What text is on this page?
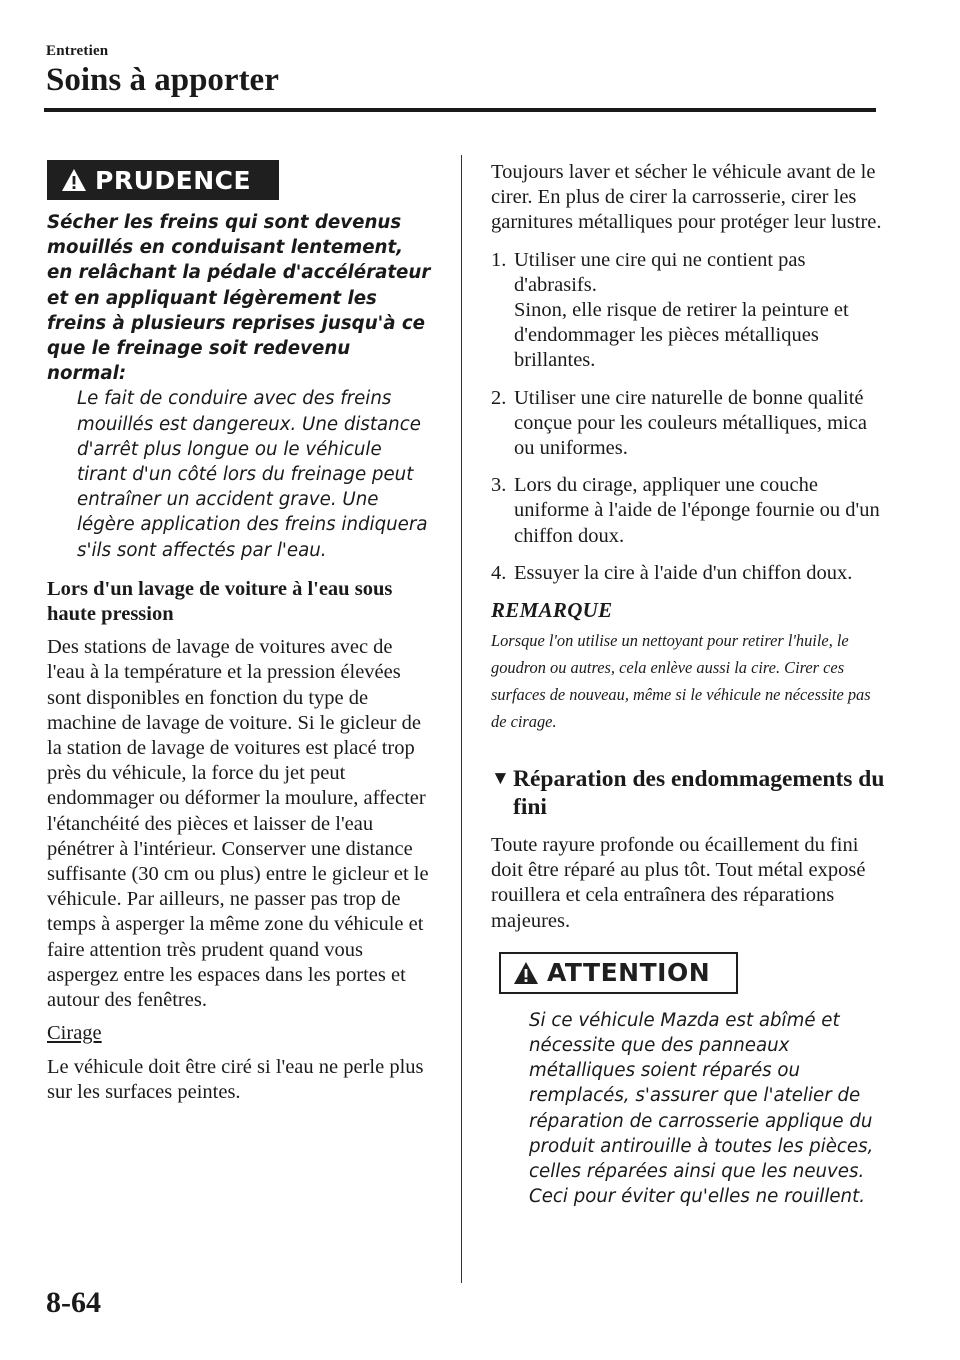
Entretien
Soins à apporter
PRUDENCE

Sécher les freins qui sont devenus mouillés en conduisant lentement, en relâchant la pédale d'accélérateur et en appliquant légèrement les freins à plusieurs reprises jusqu'à ce que le freinage soit redevenu normal:

Le fait de conduire avec des freins mouillés est dangereux. Une distance d'arrêt plus longue ou le véhicule tirant d'un côté lors du freinage peut entraîner un accident grave. Une légère application des freins indiquera s'ils sont affectés par l'eau.

Lors d'un lavage de voiture à l'eau sous haute pression

Des stations de lavage de voitures avec de l'eau à la température et la pression élevées sont disponibles en fonction du type de machine de lavage de voiture. Si le gicleur de la station de lavage de voitures est placé trop près du véhicule, la force du jet peut endommager ou déformer la moulure, affecter l'étanchéité des pièces et laisser de l'eau pénétrer à l'intérieur. Conserver une distance suffisante (30 cm ou plus) entre le gicleur et le véhicule. Par ailleurs, ne passer pas trop de temps à asperger la même zone du véhicule et faire attention très prudent quand vous aspergez entre les espaces dans les portes et autour des fenêtres.

Cirage

Le véhicule doit être ciré si l'eau ne perle plus sur les surfaces peintes.

Toujours laver et sécher le véhicule avant de le cirer. En plus de cirer la carrosserie, cirer les garnitures métalliques pour protéger leur lustre.

1. Utiliser une cire qui ne contient pas d'abrasifs.
Sinon, elle risque de retirer la peinture et d'endommager les pièces métalliques brillantes.
2. Utiliser une cire naturelle de bonne qualité conçue pour les couleurs métalliques, mica ou uniformes.
3. Lors du cirage, appliquer une couche uniforme à l'aide de l'éponge fournie ou d'un chiffon doux.
4. Essuyer la cire à l'aide d'un chiffon doux.

REMARQUE

Lorsque l'on utilise un nettoyant pour retirer l'huile, le goudron ou autres, cela enlève aussi la cire. Cirer ces surfaces de nouveau, même si le véhicule ne nécessite pas de cirage.

▼ Réparation des endommagements du fini

Toute rayure profonde ou écaillement du fini doit être réparé au plus tôt. Tout métal exposé rouillera et cela entraînera des réparations majeures.

ATTENTION

Si ce véhicule Mazda est abîmé et nécessite que des panneaux métalliques soient réparés ou remplacés, s'assurer que l'atelier de réparation de carrosserie applique du produit antirouille à toutes les pièces, celles réparées ainsi que les neuves. Ceci pour éviter qu'elles ne rouillent.

8-64
